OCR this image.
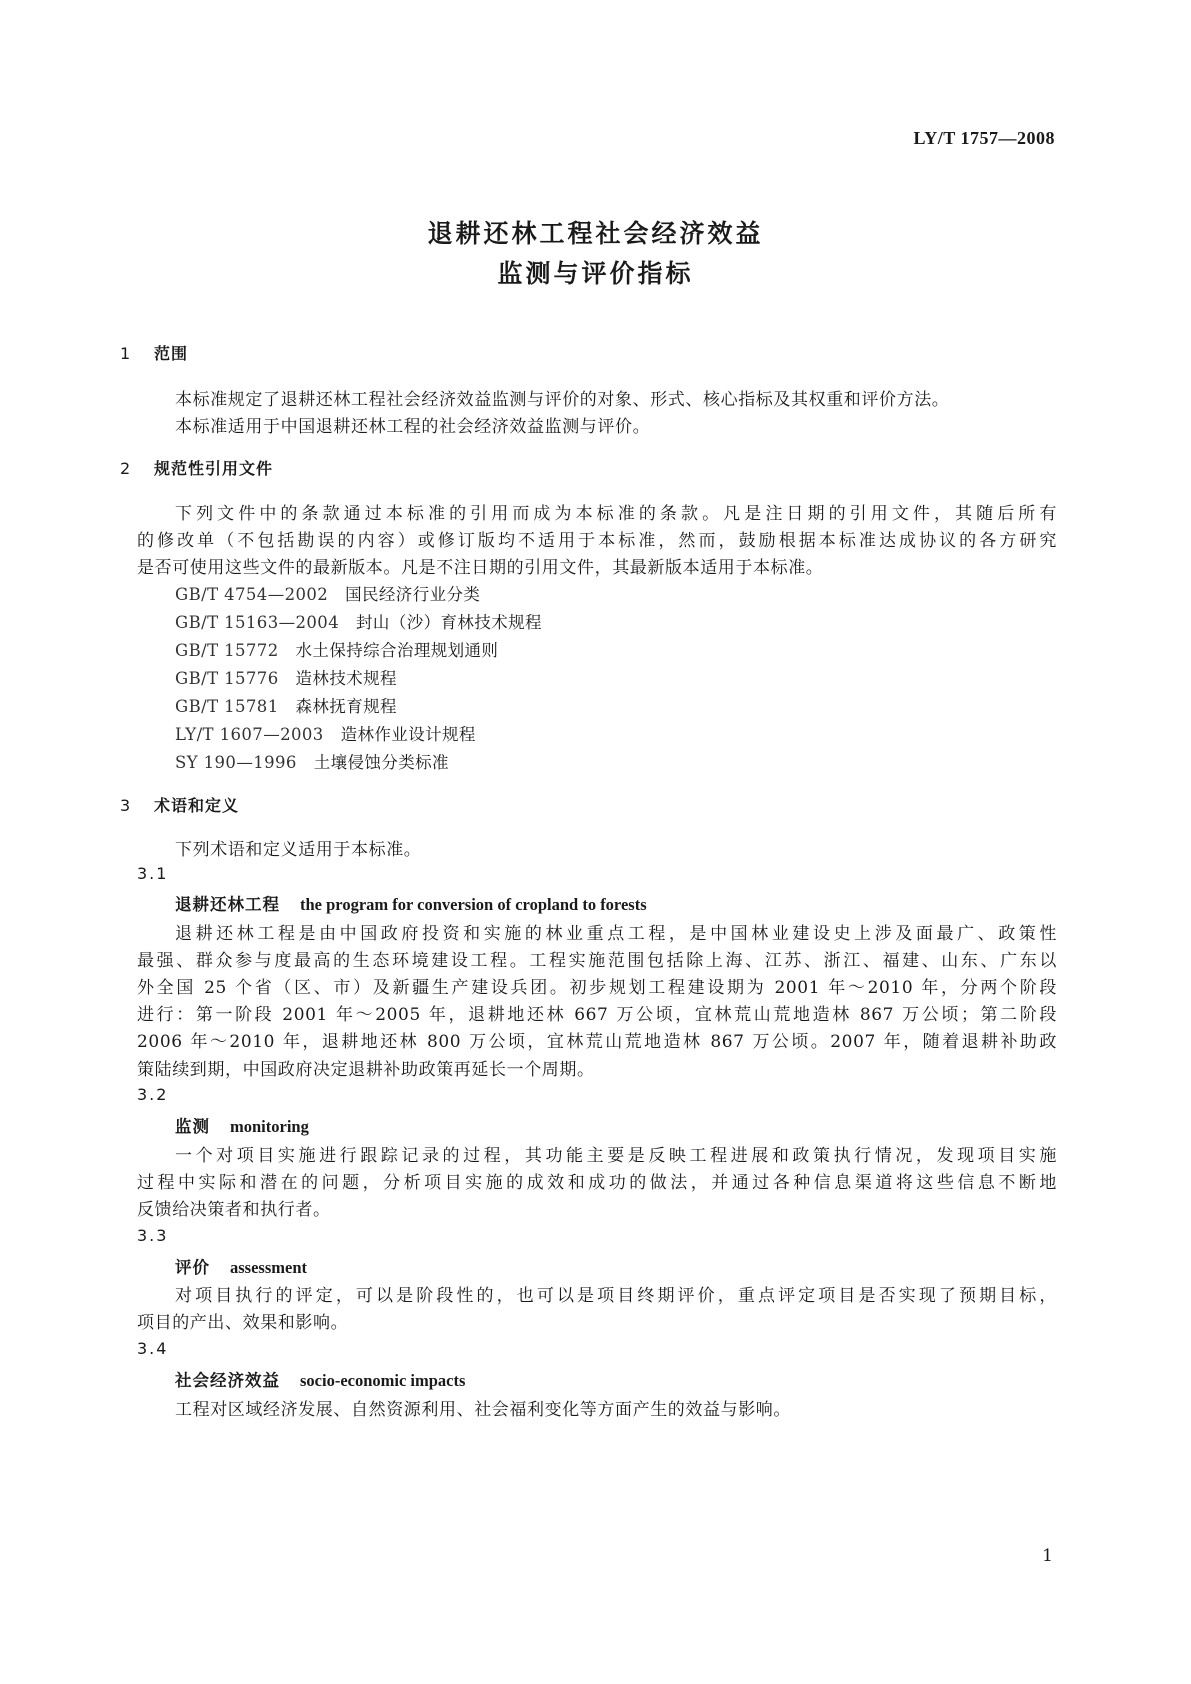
LY/T 1757—2008
退耕还林工程社会经济效益
监测与评价指标
1 范围
本标准规定了退耕还林工程社会经济效益监测与评价的对象、形式、核心指标及其权重和评价方法。
本标准适用于中国退耕还林工程的社会经济效益监测与评价。
2 规范性引用文件
下列文件中的条款通过本标准的引用而成为本标准的条款。凡是注日期的引用文件，其随后所有
的修改单（不包括勘误的内容）或修订版均不适用于本标准，然而，鼓励根据本标准达成协议的各方研究
是否可使用这些文件的最新版本。凡是不注日期的引用文件，其最新版本适用于本标准。
GB/T 4754—2002　 国民经济行业分类
GB/T 15163—2004　 封山（沙）育林技术规程
GB/T 15772　 水土保持综合治理规划通则
GB/T 15776　 造林技术规程
GB/T 15781　 森林抚育规程
LY/T 1607—2003　 造林作业设计规程
SY 190—1996　 土壤侵蚀分类标准
3 术语和定义
下列术语和定义适用于本标准。
3.1
退耕还林工程 the program for conversion of cropland to forests
退耕还林工程是由中国政府投资和实施的林业重点工程，是中国林业建设史上涉及面最广、政策性
最强、群众参与度最高的生态环境建设工程。工程实施范围包括除上海、江苏、浙江、福建、山东、广东以
外全国 25 个省（区、市）及新疆生产建设兵团。初步规划工程建设期为 2001 年～2010 年，分两个阶段
进行：第一阶段 2001 年～2005 年，退耕地还林 667 万公顷，宜林荒山荒地造林 867 万公顷；第二阶段
2006 年～2010 年，退耕地还林 800 万公顷，宜林荒山荒地造林 867 万公顷。2007 年，随着退耕补助政
策陆续到期，中国政府决定退耕补助政策再延长一个周期。
3.2
监测 monitoring
一个对项目实施进行跟踪记录的过程，其功能主要是反映工程进展和政策执行情况，发现项目实施
过程中实际和潜在的问题，分析项目实施的成效和成功的做法，并通过各种信息渠道将这些信息不断地
反馈给决策者和执行者。
3.3
评价 assessment
对项目执行的评定，可以是阶段性的，也可以是项目终期评价，重点评定项目是否实现了预期目标，
项目的产出、效果和影响。
3.4
社会经济效益 socio-economic impacts
工程对区域经济发展、自然资源利用、社会福利变化等方面产生的效益与影响。
1
